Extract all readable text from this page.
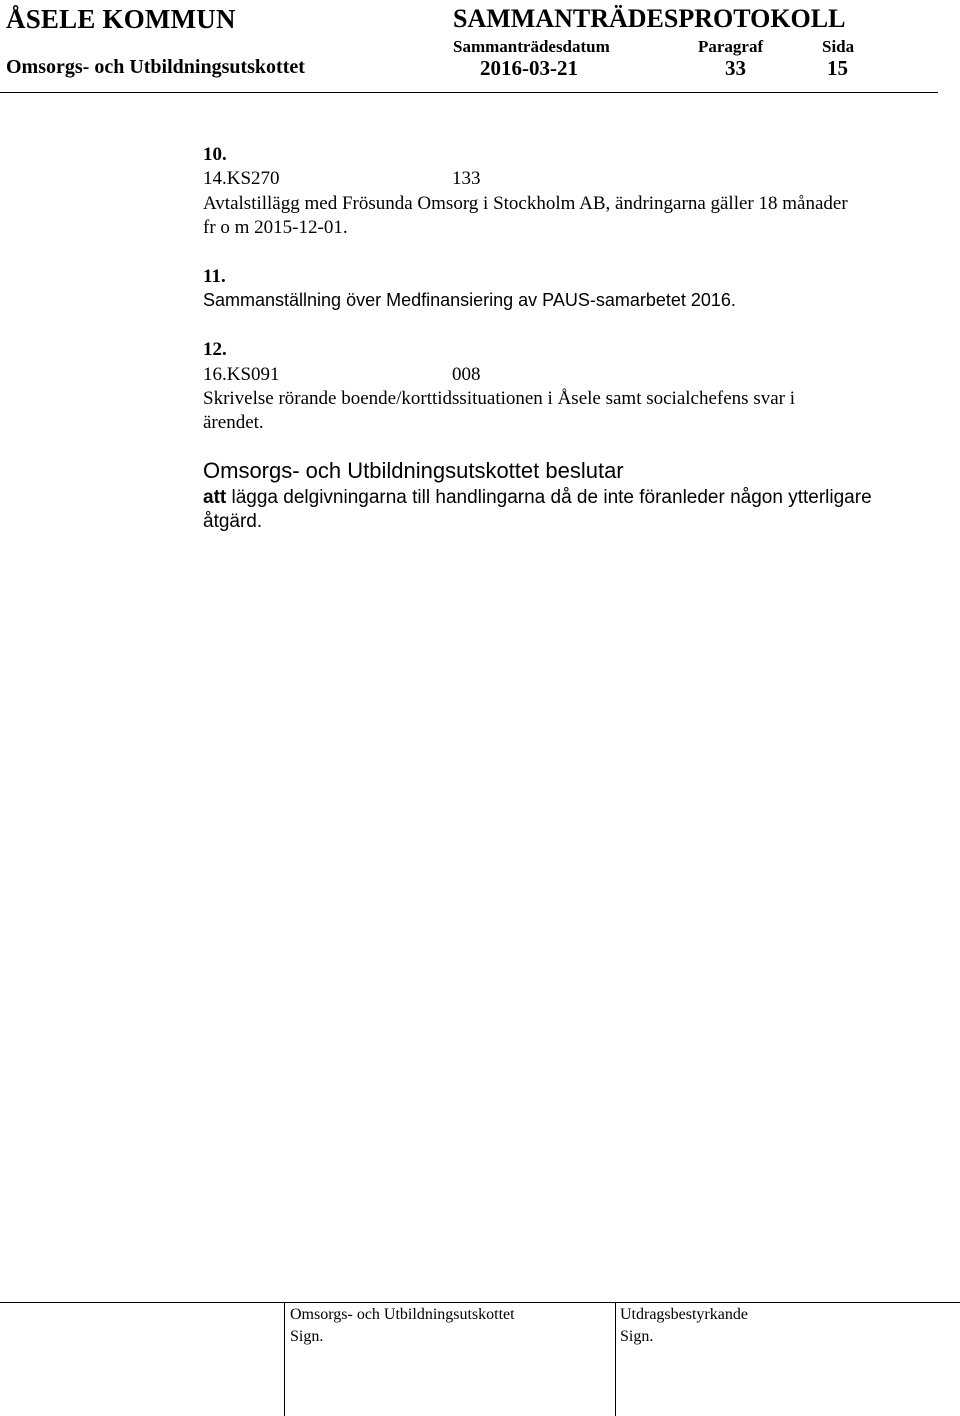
ÅSELE KOMMUN	SAMMANTRÄDESPROTOKOLL
Sammanträdesdatum	Paragraf	Sida
Omsorgs- och Utbildningsutskottet	2016-03-21	33	15
10.
14.KS270	133
Avtalstillägg med Frösunda Omsorg i Stockholm AB, ändringarna gäller 18 månader
fr o m 2015-12-01.
11.
Sammanställning över Medfinansiering av PAUS-samarbetet 2016.
12.
16.KS091	008
Skrivelse rörande boende/korttidssituationen i Åsele samt socialchefens svar i
ärendet.
Omsorgs- och Utbildningsutskottet beslutar
att lägga delgivningarna till handlingarna då de inte föranleder någon ytterligare
åtgärd.
Omsorgs- och Utbildningsutskottet
Sign.
Utdragsbestyrkande
Sign.
